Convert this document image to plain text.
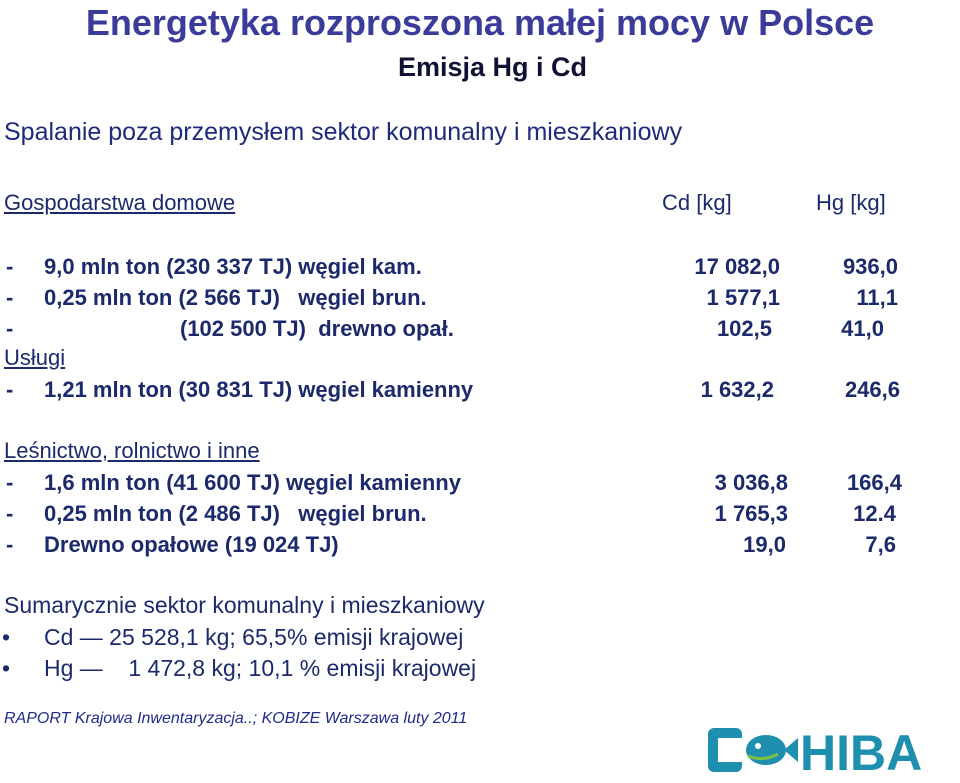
Energetyka rozproszona małej mocy w Polsce
Emisja Hg i Cd
Spalanie poza przemysłem sektor komunalny i mieszkaniowy
Gospodarstwa domowe	Cd [kg]	Hg [kg]
- 9,0 mln ton (230 337 TJ) węgiel kam.	17 082,0	936,0
- 0,25 mln ton (2 566 TJ)   węgiel brun.	1 577,1	11,1
-	(102 500 TJ)  drewno opał.	102,5	41,0
Usługi
- 1,21 mln ton (30 831 TJ) węgiel kamienny	1 632,2	246,6
Leśnictwo, rolnictwo i inne
- 1,6 mln ton (41 600 TJ) węgiel kamienny	3 036,8	166,4
- 0,25 mln ton (2 486 TJ)   węgiel brun.	1 765,3	12.4
- Drewno opałowe (19 024 TJ)	19,0	7,6
Sumarycznie sektor komunalny i mieszkaniowy
• Cd — 25 528,1 kg; 65,5% emisji krajowej
• Hg —    1 472,8 kg; 10,1 % emisji krajowej
RAPORT Krajowa Inwentaryzacja..; KOBIZE Warszawa luty 2011
HIBA
